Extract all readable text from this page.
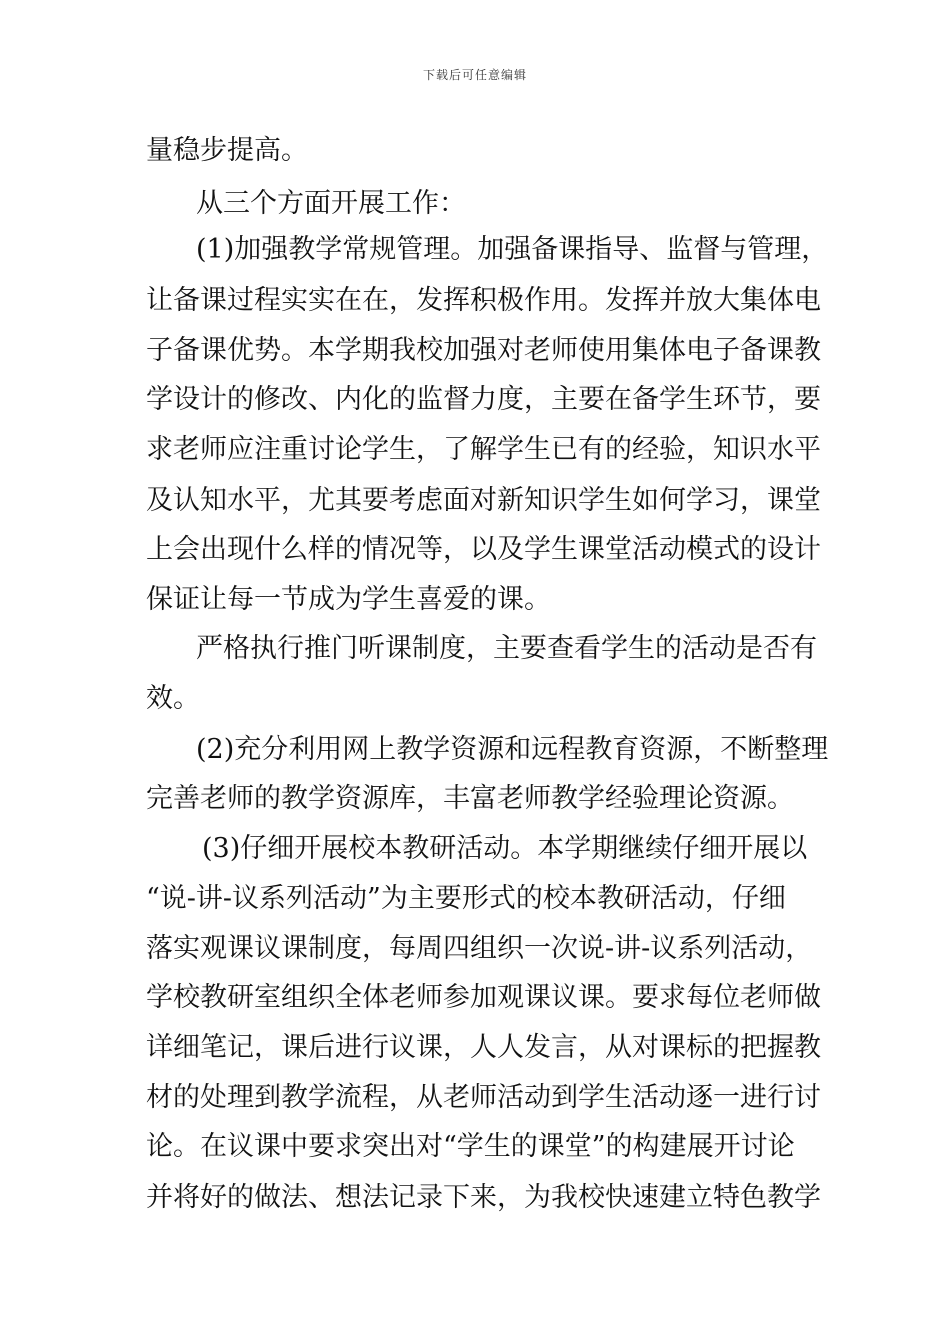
下载后可任意编辑
量稳步提高。
从三个方面开展工作：
(1)加强教学常规管理。加强备课指导、监督与管理，
让备课过程实实在在，发挥积极作用。发挥并放大集体电
子备课优势。本学期我校加强对老师使用集体电子备课教
学设计的修改、内化的监督力度，主要在备学生环节，要
求老师应注重讨论学生，了解学生已有的经验，知识水平
及认知水平，尤其要考虑面对新知识学生如何学习，课堂
上会出现什么样的情况等，以及学生课堂活动模式的设计
保证让每一节成为学生喜爱的课。
严格执行推门听课制度，主要查看学生的活动是否有
效。
(2)充分利用网上教学资源和远程教育资源，不断整理
完善老师的教学资源库，丰富老师教学经验理论资源。
(3)仔细开展校本教研活动。本学期继续仔细开展以
“说-讲-议系列活动”为主要形式的校本教研活动，仔细
落实观课议课制度，每周四组织一次说-讲-议系列活动，
学校教研室组织全体老师参加观课议课。要求每位老师做
详细笔记，课后进行议课，人人发言，从对课标的把握教
材的处理到教学流程，从老师活动到学生活动逐一进行讨
论。在议课中要求突出对“学生的课堂”的构建展开讨论
并将好的做法、想法记录下来，为我校快速建立特色教学
